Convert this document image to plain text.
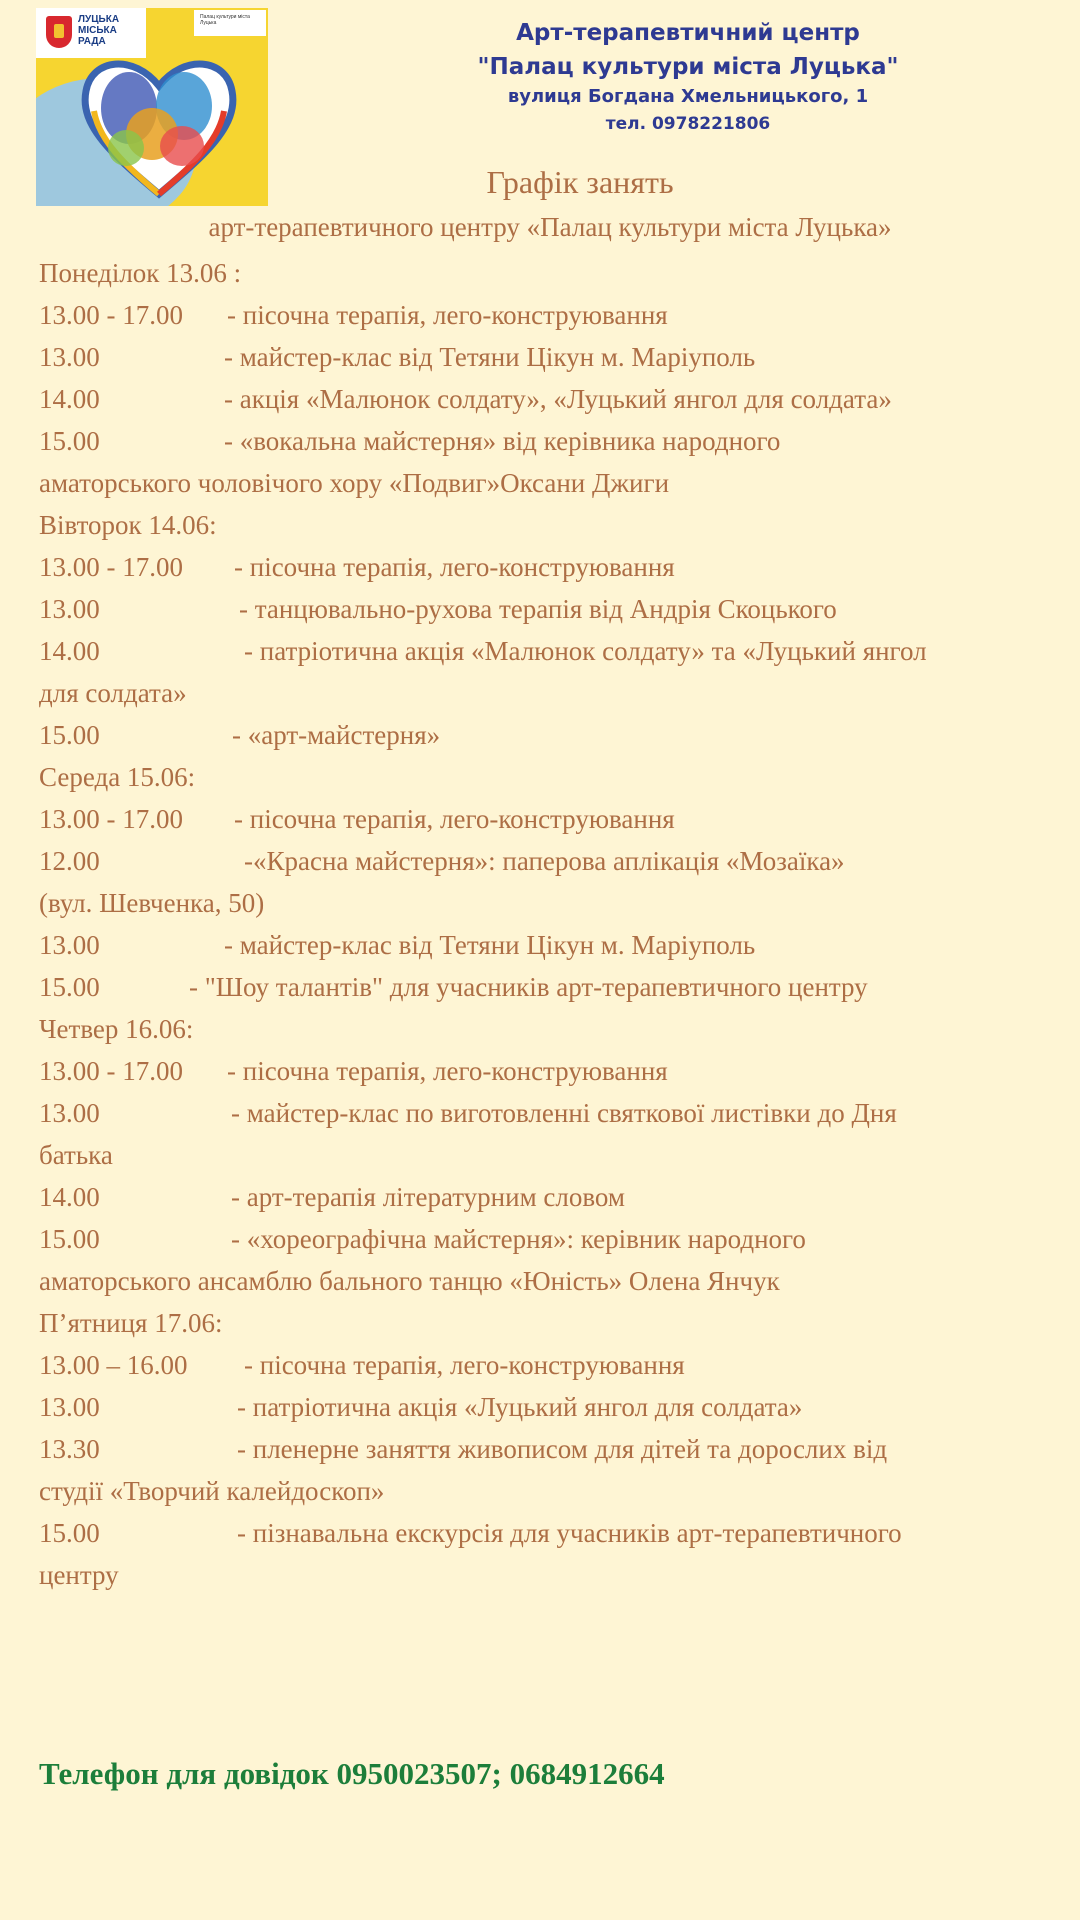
ЛУЦЬКА МІСЬКА РАДА
Палац культури міста Луцька	Арт-терапевтичний центр
"Палац культури міста Луцька"
вулиця Богдана Хмельницького, 1
тел. 0978221806
Графік занять
арт-терапевтичного центру «Палац культури міста Луцька»
Понеділок 13.06 :
13.00 - 17.00 - пісочна терапія, лего-конструювання
13.00	- майстер-клас від Тетяни Цікун м. Маріуполь
14.00	- акція «Малюнок солдату», «Луцький янгол для солдата»
15.00	- «вокальна майстерня» від керівника народного
аматорського чоловічого хору «Подвиг»Оксани Джиги
Вівторок 14.06:
13.00 - 17.00 - пісочна терапія, лего-конструювання
13.00	- танцювально-рухова терапія від Андрія Скоцького
14.00	- патріотична акція «Малюнок солдату» та «Луцький янгол
для солдата»
15.00	- «арт-майстерня»
Середа 15.06:
13.00 - 17.00 - пісочна терапія, лего-конструювання
12.00	-«Красна майстерня»: паперова аплікація «Мозаїка»
(вул. Шевченка, 50)
13.00	- майстер-клас від Тетяни Цікун м. Маріуполь
15.00	- "Шоу талантів" для учасників арт-терапевтичного центру
Четвер 16.06:
13.00 - 17.00 - пісочна терапія, лего-конструювання
13.00	- майстер-клас по виготовленні святкової листівки до Дня
батька
14.00	- арт-терапія літературним словом
15.00	- «хореографічна майстерня»: керівник народного
аматорського ансамблю бального танцю «Юність» Олена Янчук
П’ятниця 17.06:
13.00 – 16.00 - пісочна терапія, лего-конструювання
13.00	- патріотична акція «Луцький янгол для солдата»
13.30	- пленерне заняття живописом для дітей та дорослих від
студії «Творчий калейдоскоп»
15.00	- пізнавальна екскурсія для учасників арт-терапевтичного
центру
Телефон для довідок 0950023507; 0684912664
